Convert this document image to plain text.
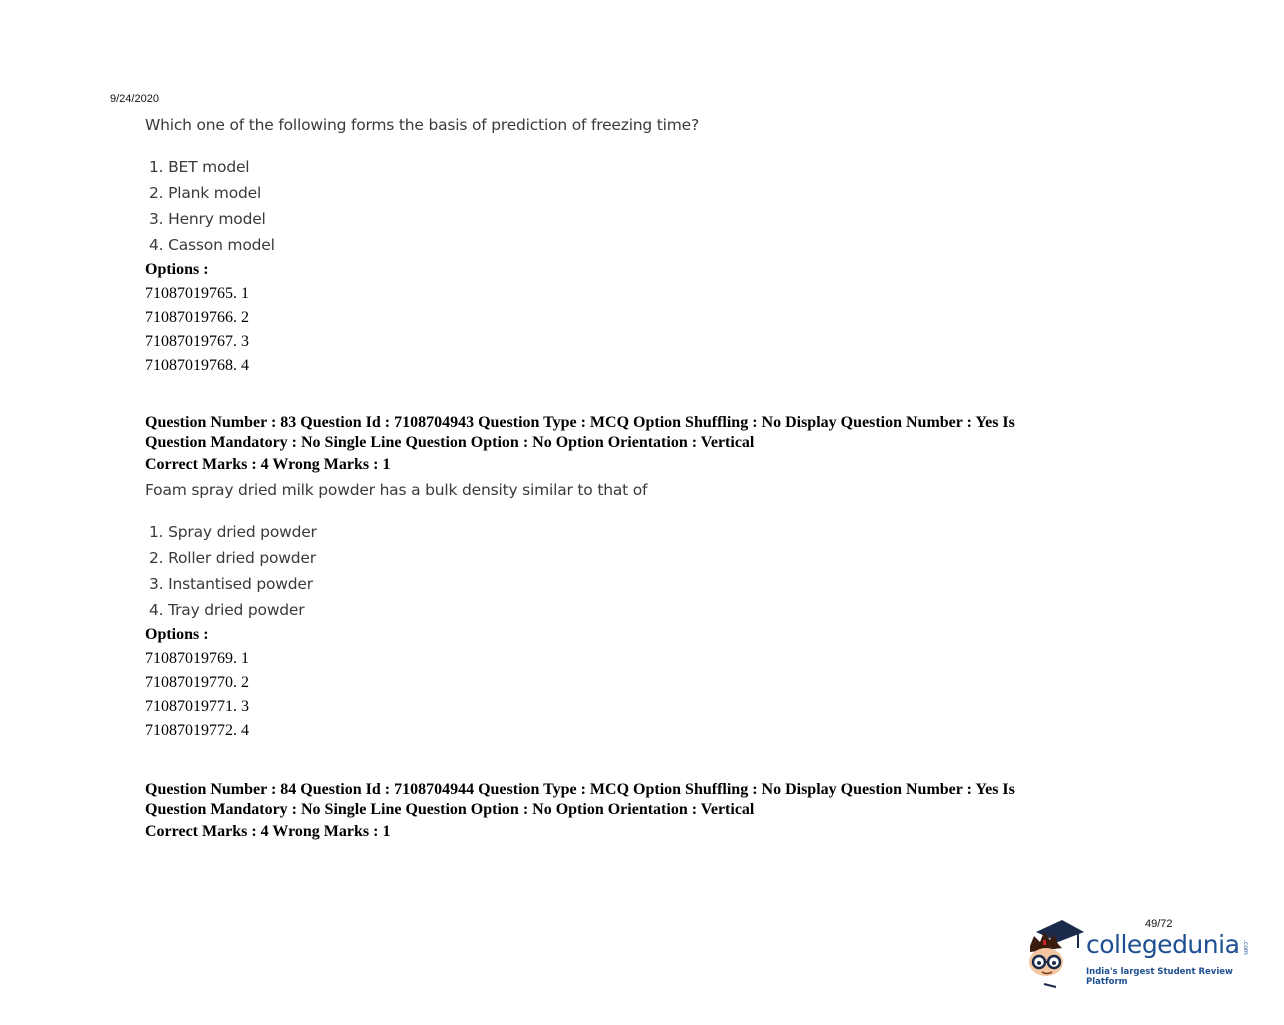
9/24/2020
Which one of the following forms the basis of prediction of freezing time?
1. BET model
2. Plank model
3. Henry model
4. Casson model
Options :
71087019765. 1
71087019766. 2
71087019767. 3
71087019768. 4
Question Number : 83 Question Id : 7108704943 Question Type : MCQ Option Shuffling : No Display Question Number : Yes Is
Question Mandatory : No Single Line Question Option : No Option Orientation : Vertical
Correct Marks : 4 Wrong Marks : 1
Foam spray dried milk powder has a bulk density similar to that of
1. Spray dried powder
2. Roller dried powder
3. Instantised powder
4. Tray dried powder
Options :
71087019769. 1
71087019770. 2
71087019771. 3
71087019772. 4
Question Number : 84 Question Id : 7108704944 Question Type : MCQ Option Shuffling : No Display Question Number : Yes Is
Question Mandatory : No Single Line Question Option : No Option Orientation : Vertical
Correct Marks : 4 Wrong Marks : 1
49/72
collegedunia .com
India's largest Student Review Platform
